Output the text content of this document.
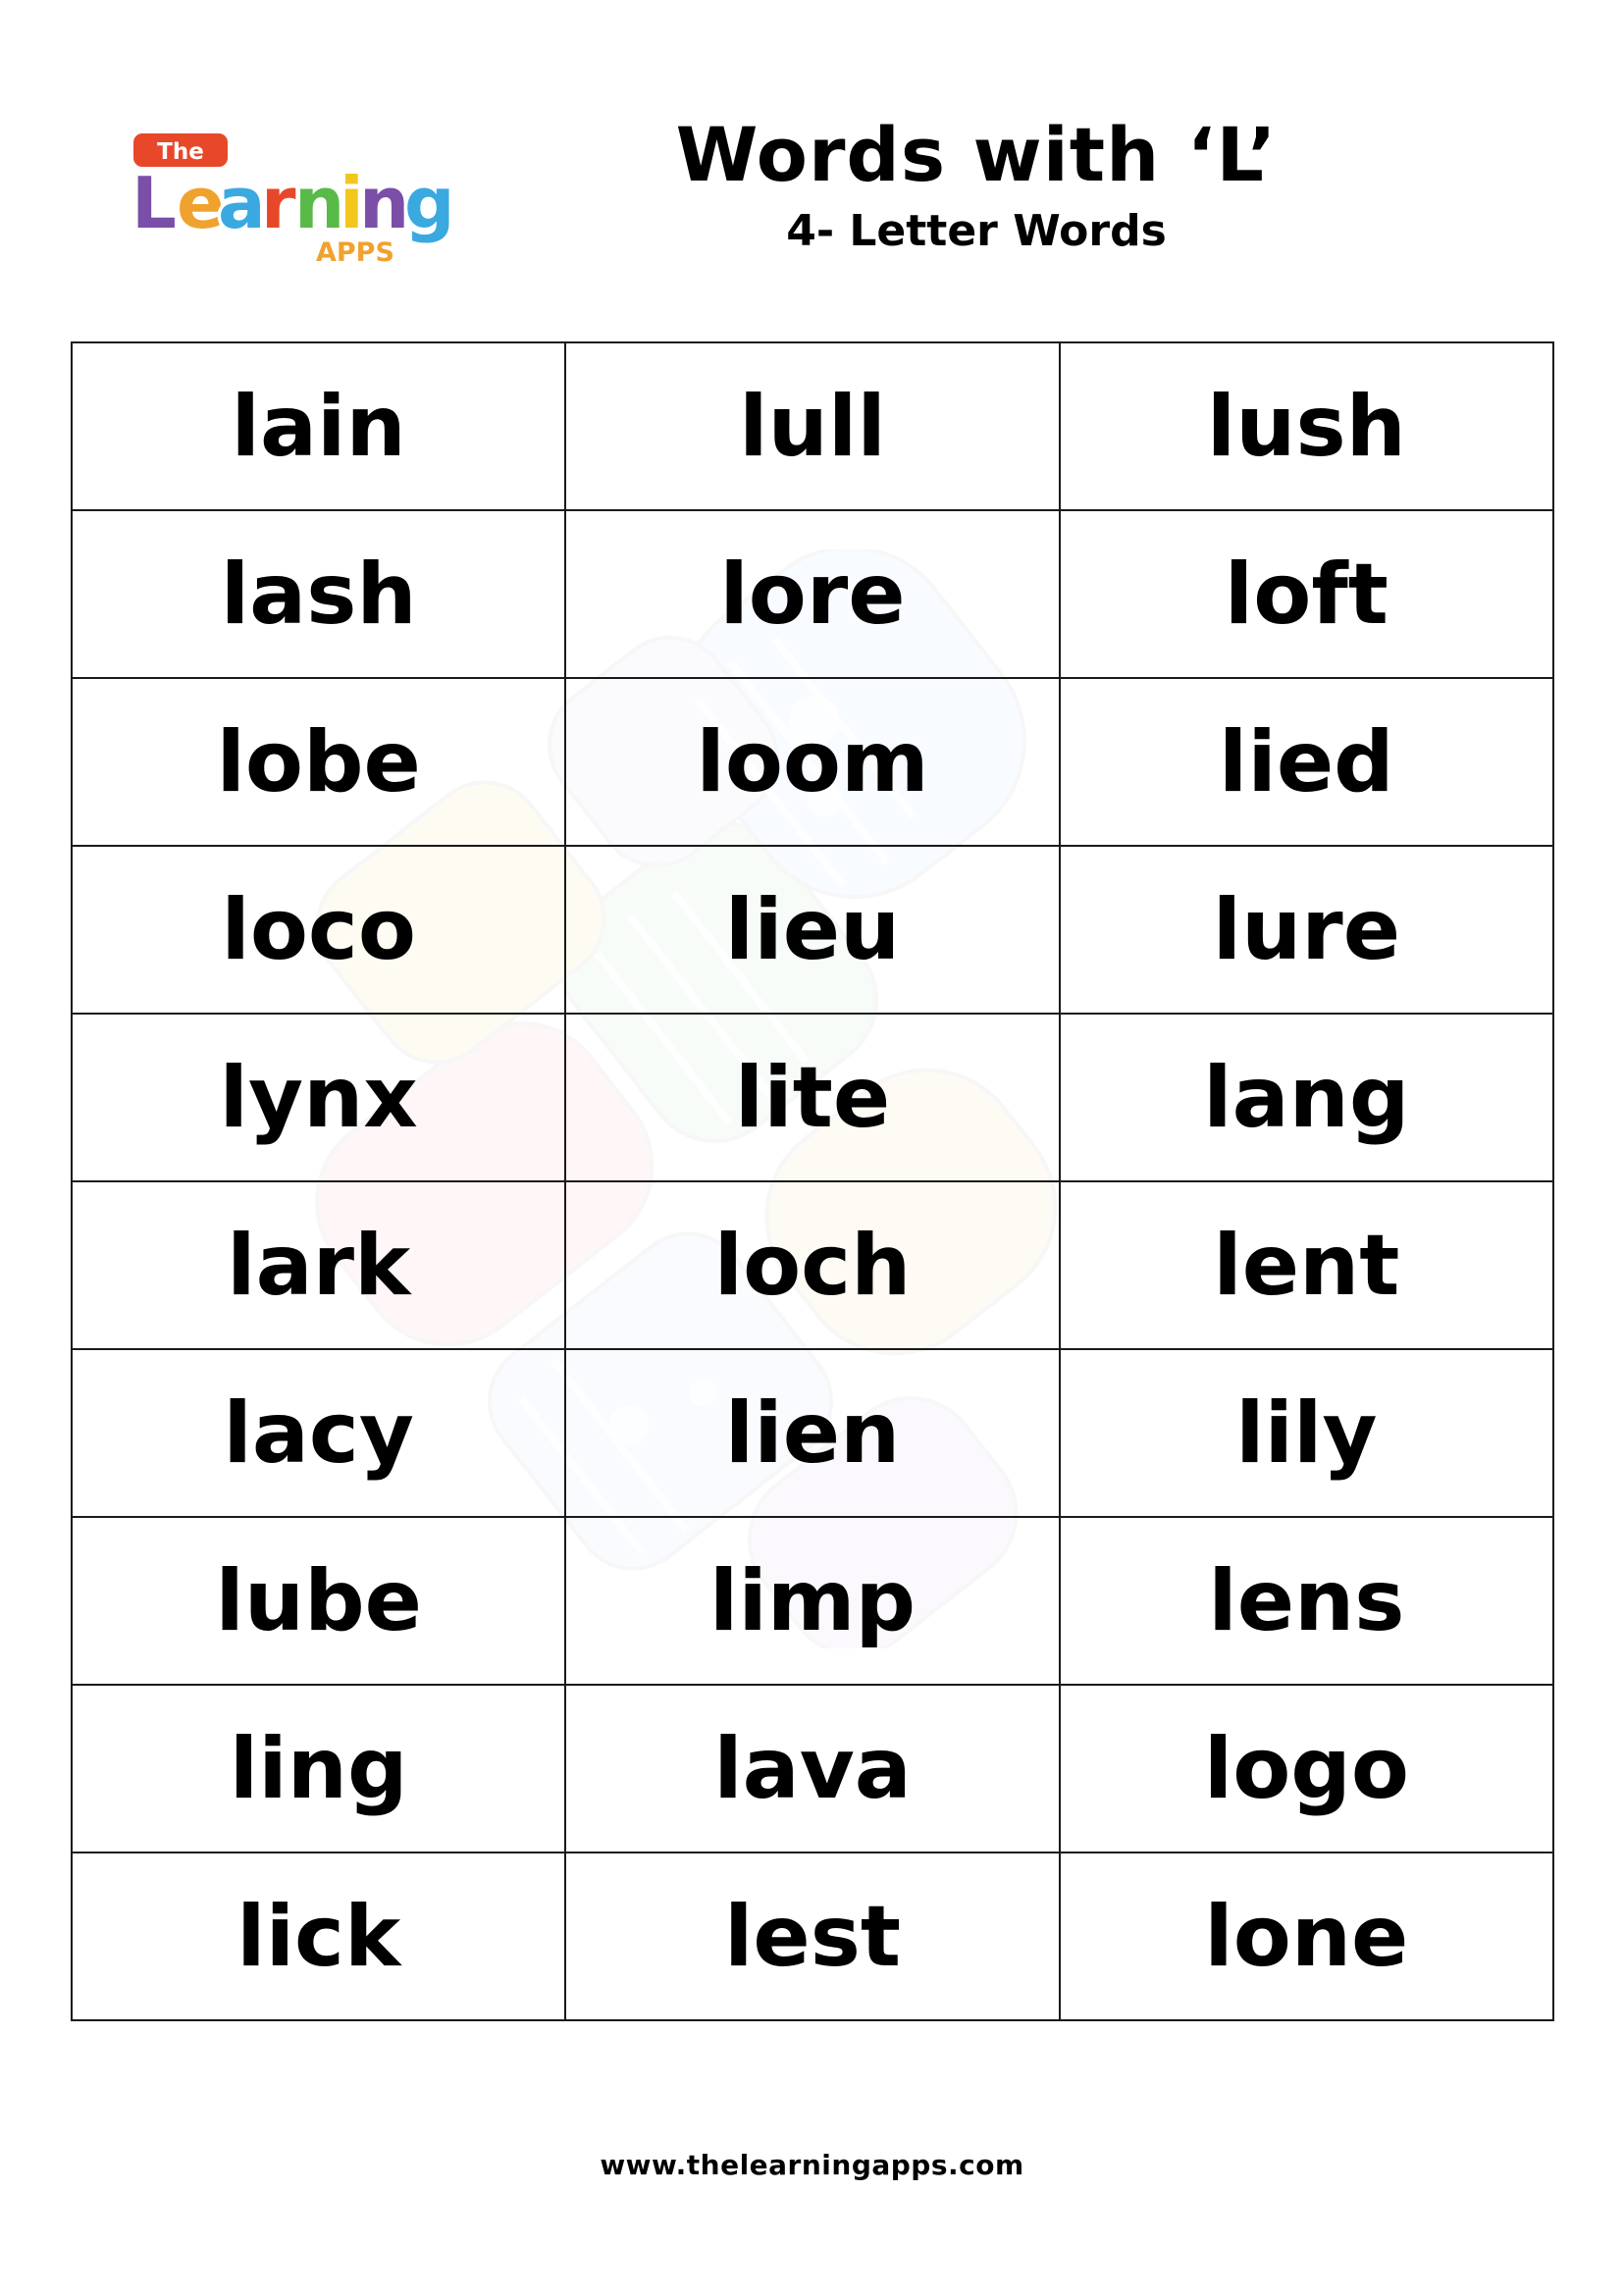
The
L e
a
r
n
i
n
g
APPS
Words with ‘L’
4- Letter Words
lain	lull	lush

lash	lore	loft

lobe	loom	lied

loco	lieu	lure

lynx	lite	lang

lark	loch	lent

lacy	lien	lily

lube	limp	lens

ling	lava	logo

lick	lest	lone
www.thelearningapps.com
